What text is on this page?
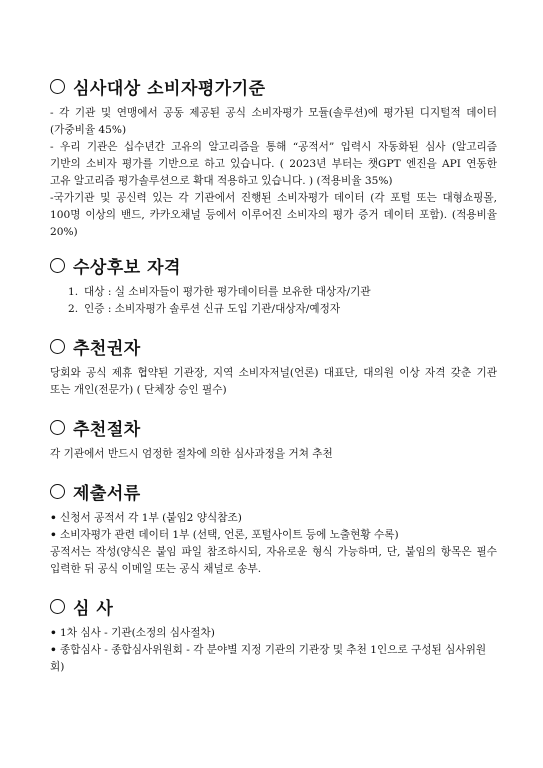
심사대상 소비자평가기준

- 각 기관 및 연맹에서 공동 제공된 공식 소비자평가 모듈(솔루션)에 평가된 디지털적 데이터 (가중비율 45%)

- 우리 기관은 십수년간 고유의 알고리즘을 통해 “공적서” 입력시 자동화된 심사 (알고리즘 기반의 소비자 평가를 기반으로 하고 있습니다. ( 2023년 부터는 챗GPT 엔진을 API 연동한 고유 알고리즘 평가솔루션으로 확대 적용하고 있습니다. ) (적용비율 35%)

-국가기관 및 공신력 있는 각 기관에서 진행된 소비자평가 데이터 (각 포털 또는 대형쇼핑몰, 100명 이상의 밴드, 카카오채널 등에서 이루어진 소비자의 평가 증거 데이터 포함). (적용비율 20%)

수상후보 자격
1. 대상 : 실 소비자들이 평가한 평가데이터를 보유한 대상자/기관
2. 인증 : 소비자평가 솔루션 신규 도입 기관/대상자/예정자
추천권자

당회와 공식 제휴 협약된 기관장, 지역 소비자저널(언론) 대표단, 대의원 이상 자격 갖춘 기관 또는 개인(전문가) ( 단체장 승인 필수)

추천절차

각 기관에서 반드시 엄정한 절차에 의한 심사과정을 거쳐 추천

제출서류

• 신청서 공적서 각 1부 (붙임2 양식참조)

• 소비자평가 관련 데이터 1부 (선택, 언론, 포털사이트 등에 노출현황 수록)

공적서는 작성(양식은 붙임 파일 참조하시되, 자유로운 형식 가능하며, 단, 붙임의 항목은 필수 입력한 뒤 공식 이메일 또는 공식 채널로 송부.

심 사

• 1차 심사 - 기관(소정의 심사절차)

• 종합심사 - 종합심사위원회 - 각 분야별 지정 기관의 기관장 및 추천 1인으로 구성된 심사위원회)
